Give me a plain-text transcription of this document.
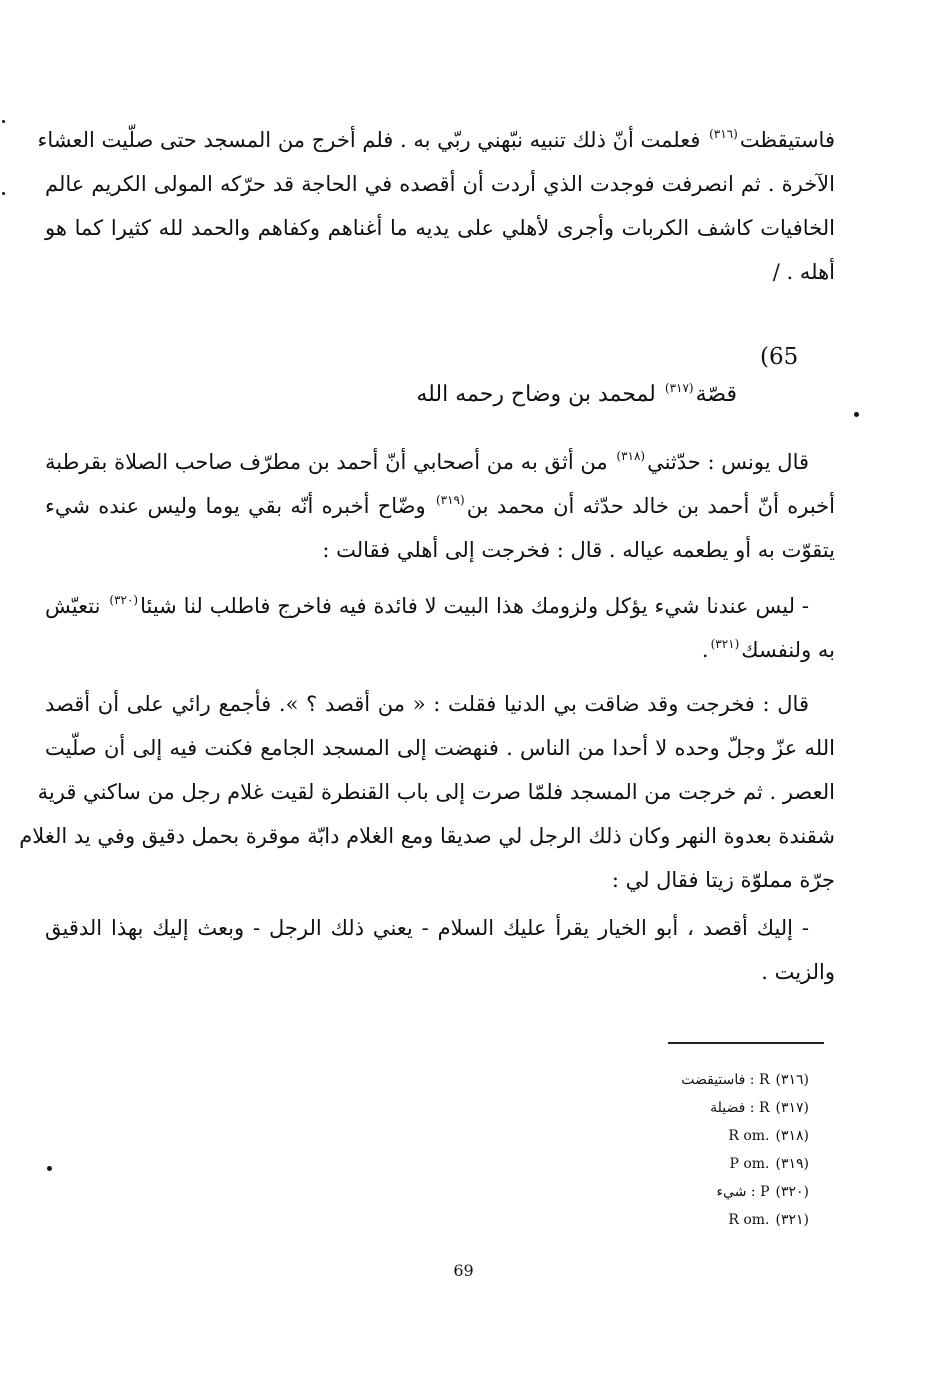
فاستيقظت$^{(٣١٦)}$ فعلمت أنّ ذلك تنبيه نبّهني ربّي به . فلم أخرج من المسجد حتى صلّيت العشاء
الآخرة . ثم انصرفت فوجدت الذي أردت أن أقصده في الحاجة قد حرّكه المولى الكريم عالم
الخافيات كاشف الكربات وأجرى لأهلي على يديه ما أغناهم وكفاهم والحمد لله كثيرا كما هو
أهله . /
(65
قصّة$^{(٣١٧)}$ لمحمد بن وضاح رحمه الله
قال يونس : حدّثني$^{(٣١٨)}$ من أثق به من أصحابي أنّ أحمد بن مطرّف صاحب الصلاة بقرطبة
أخبره أنّ أحمد بن خالد حدّثه أن محمد بن$^{(٣١٩)}$ وضّاح أخبره أنّه بقي يوما وليس عنده شيء
يتقوّت به أو يطعمه عياله . قال : فخرجت إلى أهلي فقالت :
- ليس عندنا شيء يؤكل ولزومك هذا البيت لا فائدة فيه فاخرج فاطلب لنا شيئا$^{(٣٢٠)}$ نتعيّش
به ولنفسك$^{(٣٢١)}$.
قال : فخرجت وقد ضاقت بي الدنيا فقلت : « من أقصد ؟ ». فأجمع رائي على أن أقصد
الله عزّ وجلّ وحده لا أحدا من الناس . فنهضت إلى المسجد الجامع فكنت فيه إلى أن صلّيت
العصر . ثم خرجت من المسجد فلمّا صرت إلى باب القنطرة لقيت غلام رجل من ساكني قرية
شقندة بعدوة النهر وكان ذلك الرجل لي صديقا ومع الغلام دابّة موقرة بحمل دقيق وفي يد الغلام
جرّة مملوّة زيتا فقال لي :
- إليك أقصد ، أبو الخيار يقرأ عليك السلام - يعني ذلك الرجل - وبعث إليك بهذا الدقيق
والزيت .
(٣١٦)فاستيقضت : R
(٣١٧)فضيلة : R
(٣١٨)R om.
(٣١٩)P om.
(٣٢٠)شيء : P
(٣٢١)R om.
69
